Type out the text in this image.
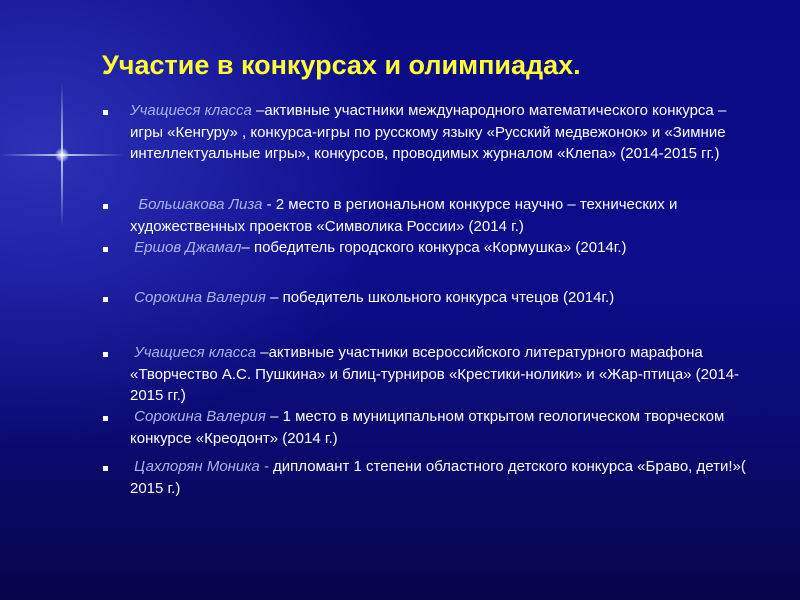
Участие в конкурсах и олимпиадах.
Учащиеся класса –активные участники международного математического конкурса –игры «Кенгуру» , конкурса-игры по русскому языку «Русский медвежонок» и «Зимние интеллектуальные игры», конкурсов, проводимых журналом «Клепа» (2014-2015 гг.)
Большакова Лиза - 2 место в региональном конкурсе научно – технических и художественных проектов «Символика России» (2014 г.)
Ершов Джамал– победитель городского конкурса «Кормушка» (2014г.)
Сорокина Валерия – победитель школьного конкурса чтецов (2014г.)
Учащиеся класса –активные участники всероссийского литературного марафона «Творчество А.С. Пушкина» и блиц-турниров «Крестики-нолики» и «Жар-птица» (2014-2015 гг.)
Сорокина Валерия – 1 место в муниципальном открытом геологическом творческом конкурсе «Креодонт» (2014 г.)
Цахлорян Моника - дипломант 1 степени областного детского конкурса «Браво, дети!»( 2015 г.)
